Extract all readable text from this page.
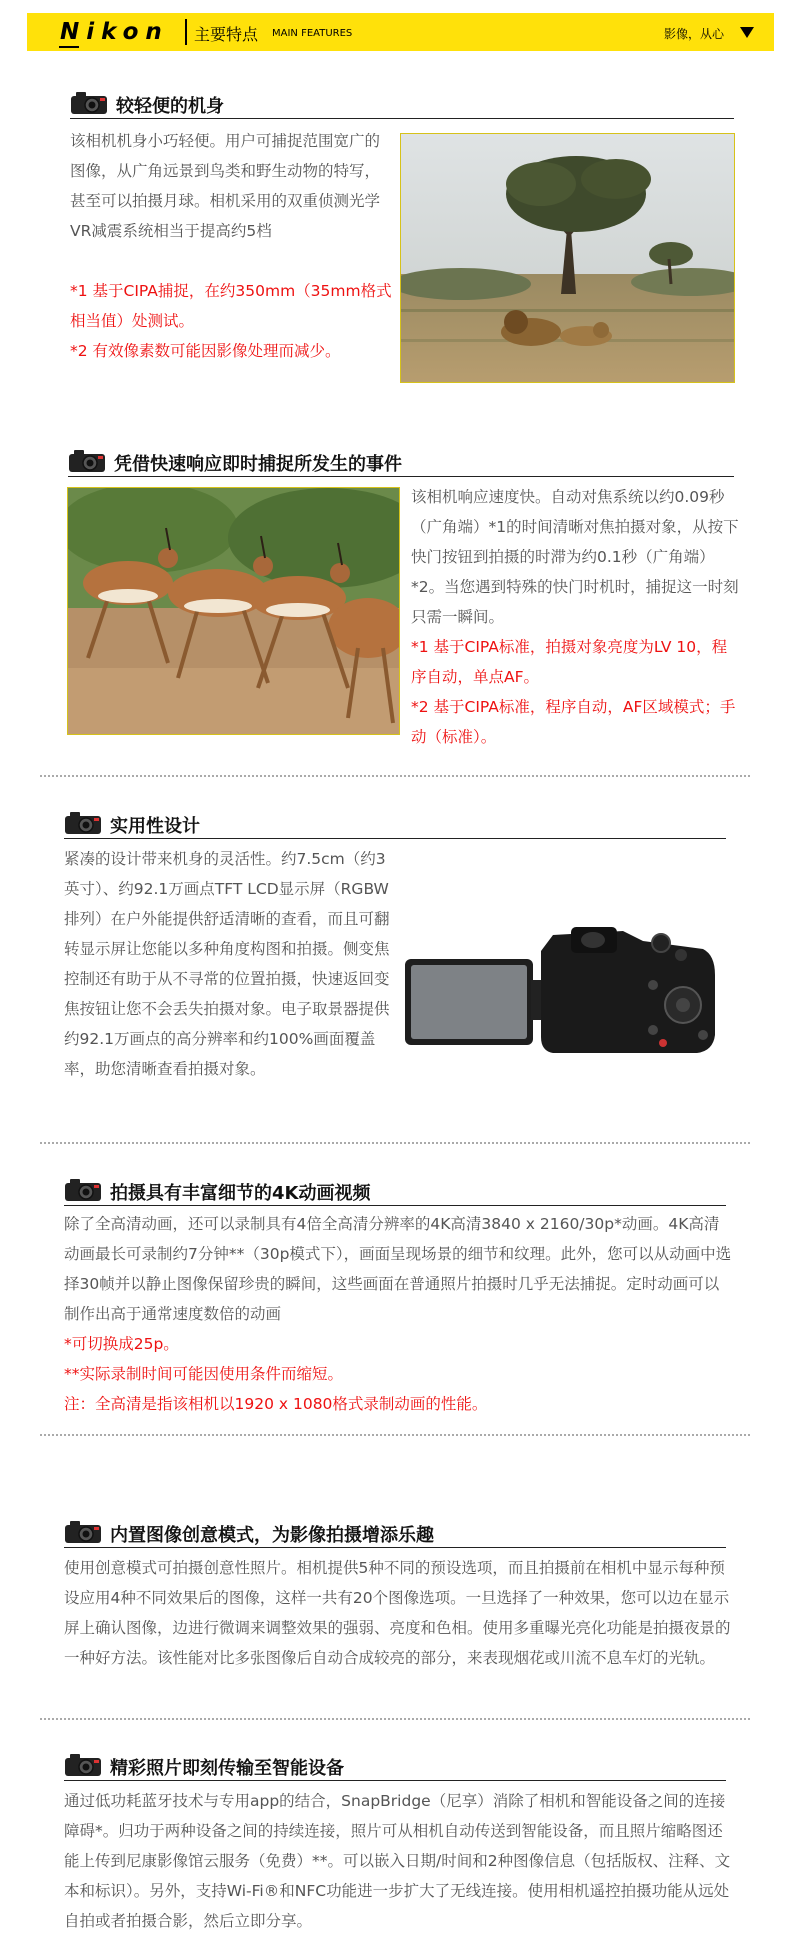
Nikon 主要特点 MAIN FEATURES	影像，从心
较轻便的机身

该相机机身小巧轻便。用户可捕捉范围宽广的图像，从广角远景到鸟类和野生动物的特写，甚至可以拍摄月球。相机采用的双重侦测光学VR减震系统相当于提高约5档

*1 基于CIPA捕捉，在约350mm（35mm格式相当值）处测试。

*2 有效像素数可能因影像处理而减少。

凭借快速响应即时捕捉所发生的事件

该相机响应速度快。自动对焦系统以约0.09秒（广角端）*1的时间清晰对焦拍摄对象，从按下快门按钮到拍摄的时滞为约0.1秒（广角端）*2。当您遇到特殊的快门时机时，捕捉这一时刻只需一瞬间。

*1 基于CIPA标准，拍摄对象亮度为LV 10，程序自动，单点AF。

*2 基于CIPA标准，程序自动，AF区域模式；手动（标准）。

实用性设计

紧凑的设计带来机身的灵活性。约7.5cm（约3英寸）、约92.1万画点TFT LCD显示屏（RGBW排列）在户外能提供舒适清晰的查看，而且可翻转显示屏让您能以多种角度构图和拍摄。侧变焦控制还有助于从不寻常的位置拍摄，快速返回变焦按钮让您不会丢失拍摄对象。电子取景器提供约92.1万画点的高分辨率和约100%画面覆盖率，助您清晰查看拍摄对象。

拍摄具有丰富细节的4K动画视频

除了全高清动画，还可以录制具有4倍全高清分辨率的4K高清3840 x 2160/30p*动画。4K高清动画最长可录制约7分钟**（30p模式下），画面呈现场景的细节和纹理。此外，您可以从动画中选择30帧并以静止图像保留珍贵的瞬间，这些画面在普通照片拍摄时几乎无法捕捉。定时动画可以制作出高于通常速度数倍的动画

*可切换成25p。

**实际录制时间可能因使用条件而缩短。

注：全高清是指该相机以1920 x 1080格式录制动画的性能。

内置图像创意模式，为影像拍摄增添乐趣

使用创意模式可拍摄创意性照片。相机提供5种不同的预设选项，而且拍摄前在相机中显示每种预设应用4种不同效果后的图像，这样一共有20个图像选项。一旦选择了一种效果，您可以边在显示屏上确认图像，边进行微调来调整效果的强弱、亮度和色相。使用多重曝光亮化功能是拍摄夜景的一种好方法。该性能对比多张图像后自动合成较亮的部分，来表现烟花或川流不息车灯的光轨。

精彩照片即刻传输至智能设备

通过低功耗蓝牙技术与专用app的结合，SnapBridge（尼享）消除了相机和智能设备之间的连接障碍*。归功于两种设备之间的持续连接，照片可从相机自动传送到智能设备，而且照片缩略图还能上传到尼康影像馆云服务（免费）**。可以嵌入日期/时间和2种图像信息（包括版权、注释、文本和标识）。另外，支持Wi-Fi®和NFC功能进一步扩大了无线连接。使用相机遥控拍摄功能从远处自拍或者拍摄合影，然后立即分享。
